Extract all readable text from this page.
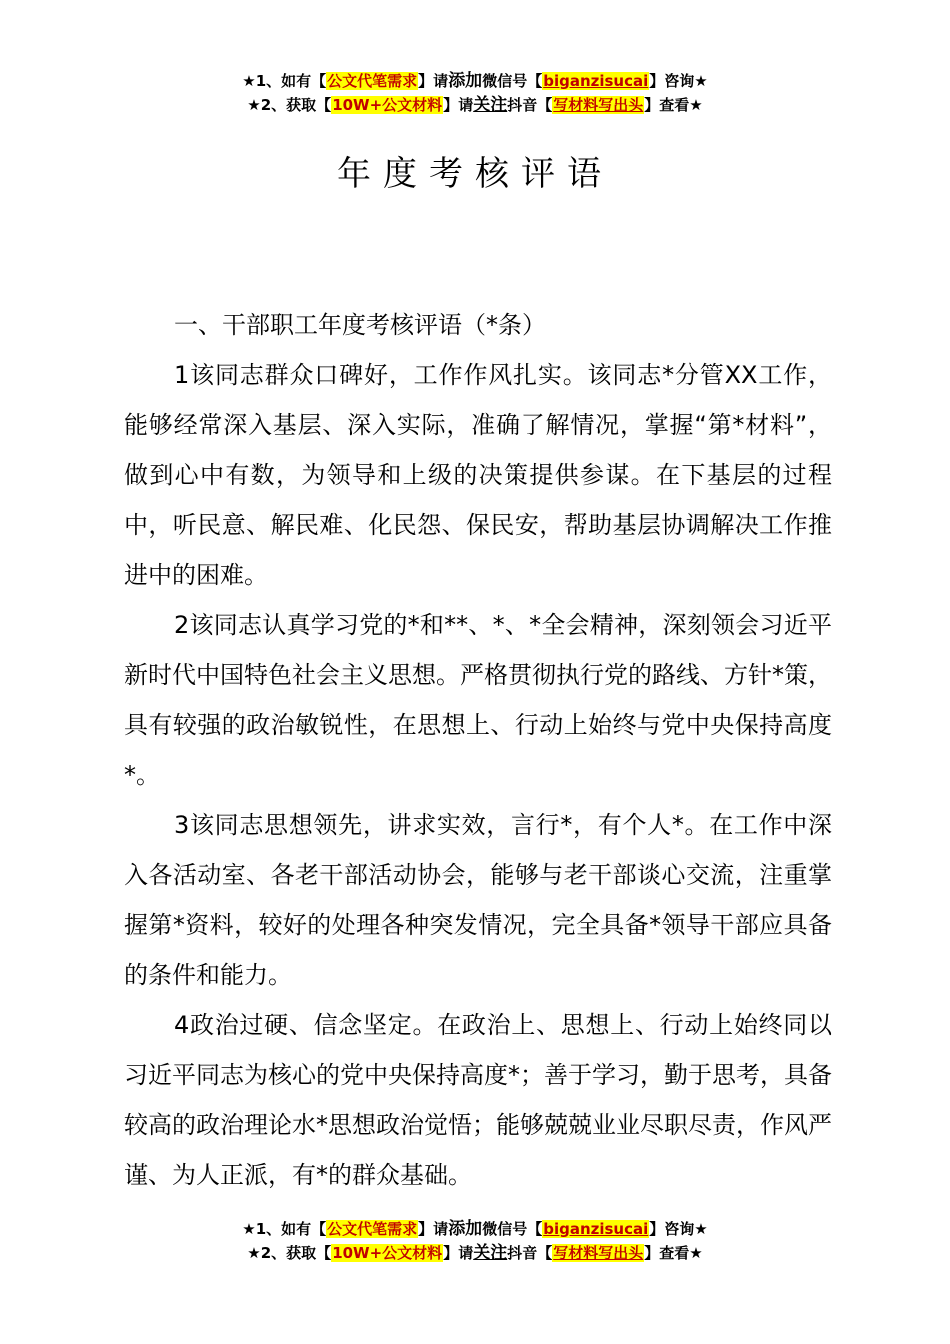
★1、如有【公文代笔需求】请添加微信号【biganzisucai】咨询★
★2、获取【10W+公文材料】请关注抖音【写材料写出头】查看★
年度考核评语

一、干部职工年度考核评语（*条）

1该同志群众口碑好，工作作风扎实。该同志*分管XX工作，能够经常深入基层、深入实际，准确了解情况，掌握“第*材料”，做到心中有数，为领导和上级的决策提供参谋。在下基层的过程中，听民意、解民难、化民怨、保民安，帮助基层协调解决工作推进中的困难。

2该同志认真学习党的*和**、*、*全会精神，深刻领会习近平新时代中国特色社会主义思想。严格贯彻执行党的路线、方针*策，具有较强的政治敏锐性，在思想上、行动上始终与党中央保持高度*。

3该同志思想领先，讲求实效，言行*，有个人*。在工作中深入各活动室、各老干部活动协会，能够与老干部谈心交流，注重掌握第*资料，较好的处理各种突发情况，完全具备*领导干部应具备的条件和能力。

4政治过硬、信念坚定。在政治上、思想上、行动上始终同以习近平同志为核心的党中央保持高度*；善于学习，勤于思考，具备较高的政治理论水*思想政治觉悟；能够兢兢业业尽职尽责，作风严谨、为人正派，有*的群众基础。

★1、如有【公文代笔需求】请添加微信号【biganzisucai】咨询★
★2、获取【10W+公文材料】请关注抖音【写材料写出头】查看★
